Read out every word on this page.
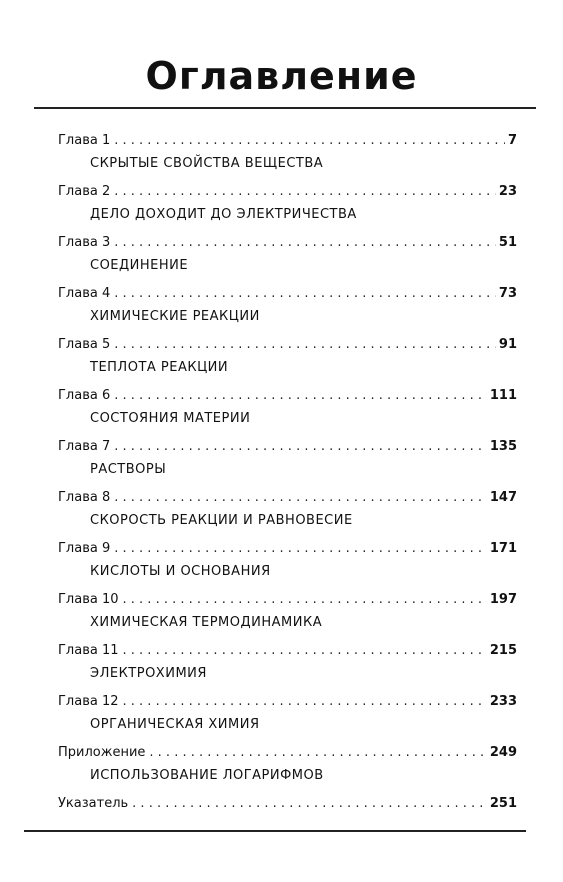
Оглавление
Глава 1 . . .	7
СКРЫТЫЕ СВОЙСТВА ВЕЩЕСТВА
Глава 2 . . .	23
ДЕЛО ДОХОДИТ ДО ЭЛЕКТРИЧЕСТВА
Глава 3 . . .	51
СОЕДИНЕНИЕ
Глава 4 . . .	73
ХИМИЧЕСКИЕ РЕАКЦИИ
Глава 5 . . .	91
ТЕПЛОТА РЕАКЦИИ
Глава 6 . . .	111
СОСТОЯНИЯ МАТЕРИИ
Глава 7 . . .	135
РАСТВОРЫ
Глава 8 . . .	147
СКОРОСТЬ РЕАКЦИИ И РАВНОВЕСИЕ
Глава 9 . . .	171
КИСЛОТЫ И ОСНОВАНИЯ
Глава 10 . . .	197
ХИМИЧЕСКАЯ ТЕРМОДИНАМИКА
Глава 11 . . .	215
ЭЛЕКТРОХИМИЯ
Глава 12 . . .	233
ОРГАНИЧЕСКАЯ ХИМИЯ
Приложение . . .	249
ИСПОЛЬЗОВАНИЕ ЛОГАРИФМОВ
Указатель . . .	251
